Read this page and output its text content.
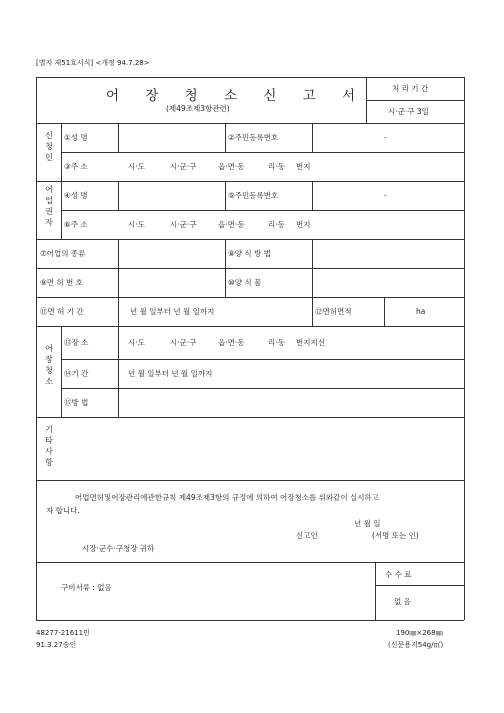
[별지 제51호서식] <개정 94.7.28>
어 장 청 소 신 고 서
(제49조제3항관련)
처 리 기 간
시·군·구 3일
신청인
①성 명	②주민등록번호	-
③주 소	시·도	시·군·구	읍·면·동	리·동 번지
어업권자
④성 명	⑤주민등록번호	-
⑥주 소	시·도	시·군·구	읍·면·동	리·동 번지
⑦어업의 종류	⑧양 식 방 법
⑨면 허 번 호	⑩양 식 물
⑪면 허 기 간	년 월 일부터 년 월 일까지	⑫면허면적	ha
어장청소
⑬장 소	시·도	시·군·구	읍·면·동	리·동 번지지선
⑭기 간	년 월 일부터 년 월 일까지
⑮방 법
기타사항
어업면허및어장관리에관한규칙 제49조제3항의 규정에 의하여 어장청소를 위와같이 실시하고
자 합니다.
년 월 일
신고인	(서명 또는 인)
시장·군수·구청장 귀하
구비서류 : 없음
수 수 료
없 음
48277-21611민
91.3.27승인
190㎜×268㎜
(신문용지54g/㎡)
